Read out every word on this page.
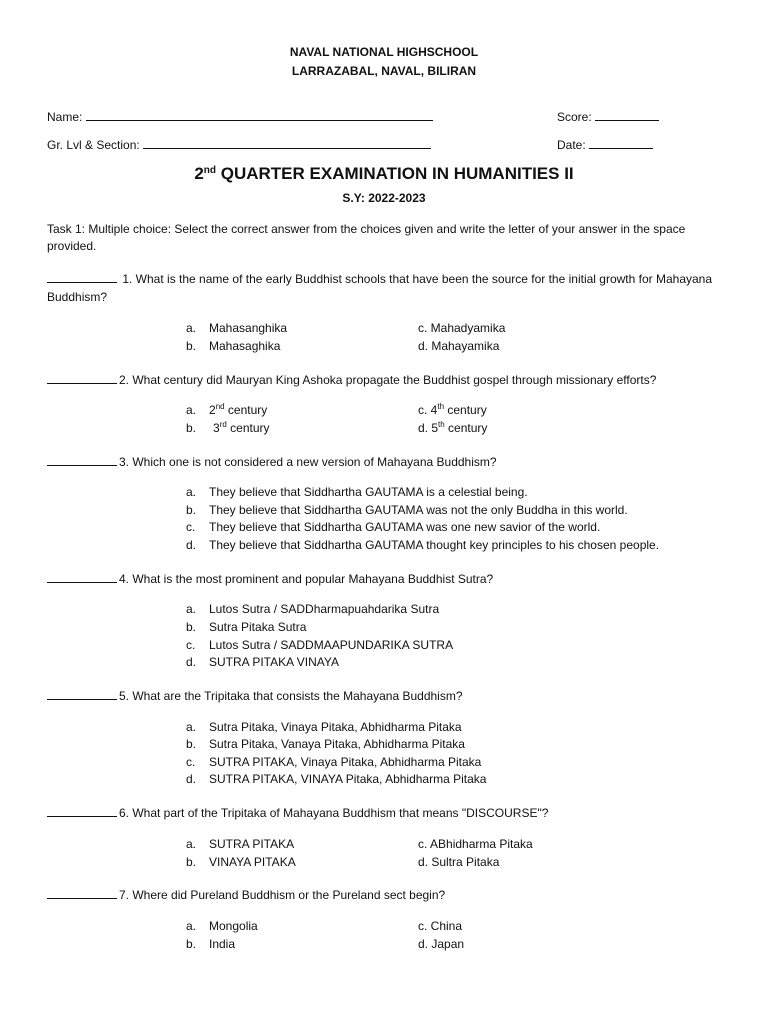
NAVAL NATIONAL HIGHSCHOOL
LARRAZABAL, NAVAL, BILIRAN
Name:	Score:
Gr. Lvl & Section:	Date:
2nd QUARTER EXAMINATION IN HUMANITIES II
S.Y: 2022-2023
Task 1: Multiple choice: Select the correct answer from the choices given and write the letter of your answer in the space provided.
1. What is the name of the early Buddhist schools that have been the source for the initial growth for Mahayana Buddhism?
a. Mahasanghika	c. Mahadyamika
b. Mahasaghika	d. Mahayamika
2. What century did Mauryan King Ashoka propagate the Buddhist gospel through missionary efforts?
a. 2nd century	c. 4th century
b. 3rd century	d. 5th century
3. Which one is not considered a new version of Mahayana Buddhism?
a. They believe that Siddhartha GAUTAMA is a celestial being.
b. They believe that Siddhartha GAUTAMA was not the only Buddha in this world.
c. They believe that Siddhartha GAUTAMA was one new savior of the world.
d. They believe that Siddhartha GAUTAMA thought key principles to his chosen people.
4. What is the most prominent and popular Mahayana Buddhist Sutra?
a. Lutos Sutra / SADDharmapuahdarika Sutra
b. Sutra Pitaka Sutra
c. Lutos Sutra / SADDMAAPUNDARIKA SUTRA
d. SUTRA PITAKA VINAYA
5. What are the Tripitaka that consists the Mahayana Buddhism?
a. Sutra Pitaka, Vinaya Pitaka, Abhidharma Pitaka
b. Sutra Pitaka, Vanaya Pitaka, Abhidharma Pitaka
c. SUTRA PITAKA, Vinaya Pitaka, Abhidharma Pitaka
d. SUTRA PITAKA, VINAYA Pitaka, Abhidharma Pitaka
6. What part of the Tripitaka of Mahayana Buddhism that means "DISCOURSE"?
a. SUTRA PITAKA	c. ABhidharma Pitaka
b. VINAYA PITAKA	d. Sultra Pitaka
7. Where did Pureland Buddhism or the Pureland sect begin?
a. Mongolia	c. China
b. India	d. Japan
